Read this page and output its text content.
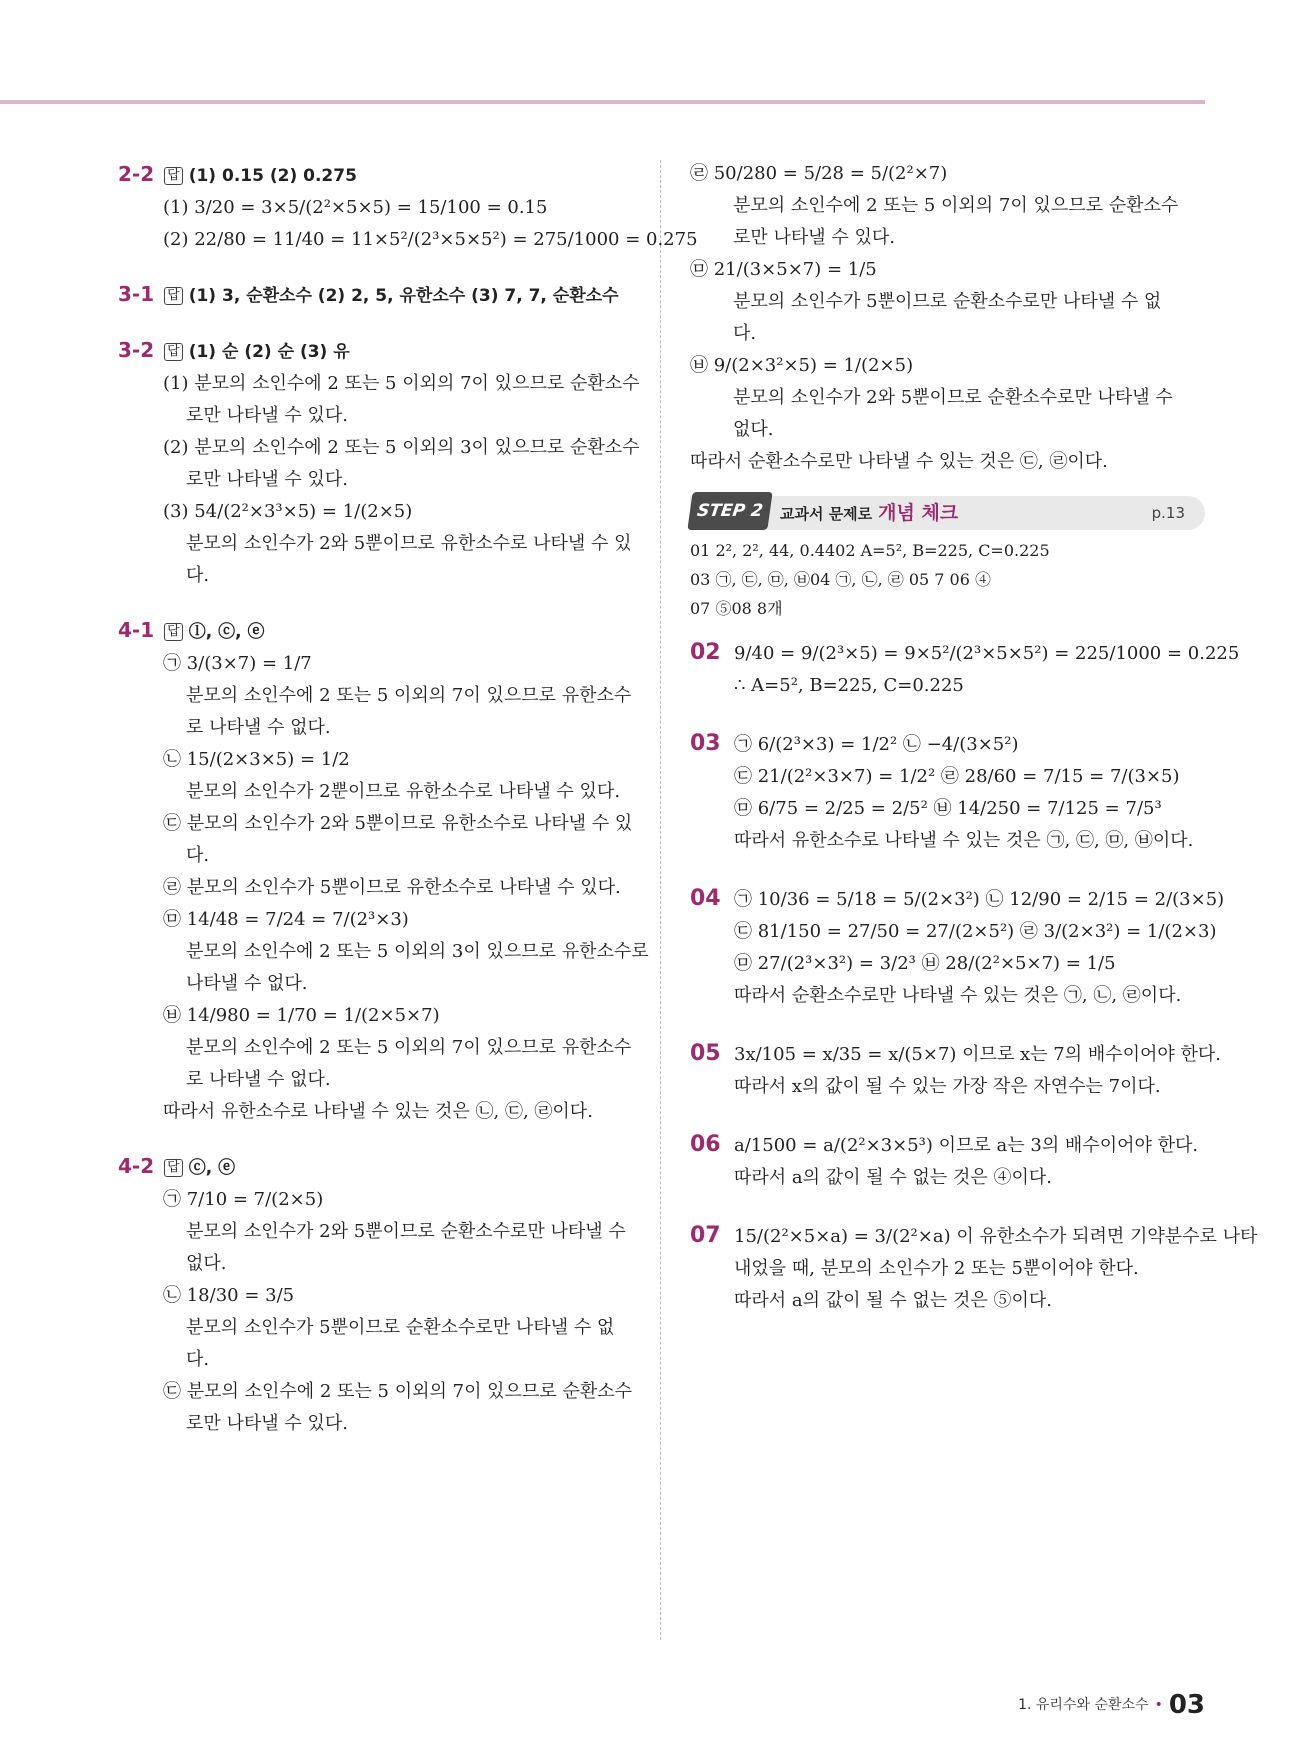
2-2 답 (1) 0.15 (2) 0.275
(1) 3/20 = 3×5/(2²×5×5) = 15/100 = 0.15
(2) 22/80 = 11/40 = 11×5²/(2³×5×5²) = 275/1000 = 0.275
3-1 답 (1) 3, 순환소수 (2) 2, 5, 유한소수 (3) 7, 7, 순환소수
3-2 답 (1) 순 (2) 순 (3) 유
(1) 분모의 소인수에 2 또는 5 이외의 7이 있으므로 순환소수
로만 나타낼 수 있다.
(2) 분모의 소인수에 2 또는 5 이외의 3이 있으므로 순환소수
로만 나타낼 수 있다.
(3) 54/(2²×3³×5) = 1/(2×5)
분모의 소인수가 2와 5뿐이므로 유한소수로 나타낼 수 있
다.
4-1 답 ⓛ, ⓒ, ⓔ
㉠ 3/(3×7) = 1/7
분모의 소인수에 2 또는 5 이외의 7이 있으므로 유한소수
로 나타낼 수 없다.
㉡ 15/(2×3×5) = 1/2
분모의 소인수가 2뿐이므로 유한소수로 나타낼 수 있다.
㉢ 분모의 소인수가 2와 5뿐이므로 유한소수로 나타낼 수 있
다.
㉣ 분모의 소인수가 5뿐이므로 유한소수로 나타낼 수 있다.
㉤ 14/48 = 7/24 = 7/(2³×3)
분모의 소인수에 2 또는 5 이외의 3이 있으므로 유한소수로
나타낼 수 없다.
㉥ 14/980 = 1/70 = 1/(2×5×7)
분모의 소인수에 2 또는 5 이외의 7이 있으므로 유한소수
로 나타낼 수 없다.
따라서 유한소수로 나타낼 수 있는 것은 ㉡, ㉢, ㉣이다.
4-2 답 ⓒ, ⓔ
㉠ 7/10 = 7/(2×5)
분모의 소인수가 2와 5뿐이므로 순환소수로만 나타낼 수
없다.
㉡ 18/30 = 3/5
분모의 소인수가 5뿐이므로 순환소수로만 나타낼 수 없
다.
㉢ 분모의 소인수에 2 또는 5 이외의 7이 있으므로 순환소수
로만 나타낼 수 있다.
㉣ 50/280 = 5/28 = 5/(2²×7)
분모의 소인수에 2 또는 5 이외의 7이 있으므로 순환소수
로만 나타낼 수 있다.
㉤ 21/(3×5×7) = 1/5
분모의 소인수가 5뿐이므로 순환소수로만 나타낼 수 없
다.
㉥ 9/(2×3²×5) = 1/(2×5)
분모의 소인수가 2와 5뿐이므로 순환소수로만 나타낼 수
없다.
따라서 순환소수로만 나타낼 수 있는 것은 ㉢, ㉣이다.
STEP 2	교과서 문제로 개념 체크	p.13
01 2², 2², 44, 0.4402 A=5², B=225, C=0.225
03 ㉠, ㉢, ㉤, ㉥04 ㉠, ㉡, ㉣ 05 7 06 ④
07 ⑤08 8개
02 9/40 = 9/(2³×5) = 9×5²/(2³×5×5²) = 225/1000 = 0.225
∴ A=5², B=225, C=0.225
03 ㉠ 6/(2³×3) = 1/2² ㉡ −4/(3×5²)
㉢ 21/(2²×3×7) = 1/2² ㉣ 28/60 = 7/15 = 7/(3×5)
㉤ 6/75 = 2/25 = 2/5² ㉥ 14/250 = 7/125 = 7/5³
따라서 유한소수로 나타낼 수 있는 것은 ㉠, ㉢, ㉤, ㉥이다.
04 ㉠ 10/36 = 5/18 = 5/(2×3²) ㉡ 12/90 = 2/15 = 2/(3×5)
㉢ 81/150 = 27/50 = 27/(2×5²) ㉣ 3/(2×3²) = 1/(2×3)
㉤ 27/(2³×3²) = 3/2³ ㉥ 28/(2²×5×7) = 1/5
따라서 순환소수로만 나타낼 수 있는 것은 ㉠, ㉡, ㉣이다.
05 3x/105 = x/35 = x/(5×7) 이므로 x는 7의 배수이어야 한다.
따라서 x의 값이 될 수 있는 가장 작은 자연수는 7이다.
06 a/1500 = a/(2²×3×5³) 이므로 a는 3의 배수이어야 한다.
따라서 a의 값이 될 수 없는 것은 ④이다.
07 15/(2²×5×a) = 3/(2²×a) 이 유한소수가 되려면 기약분수로 나타
내었을 때, 분모의 소인수가 2 또는 5뿐이어야 한다.
따라서 a의 값이 될 수 없는 것은 ⑤이다.
1. 유리수와 순환소수 • 03
